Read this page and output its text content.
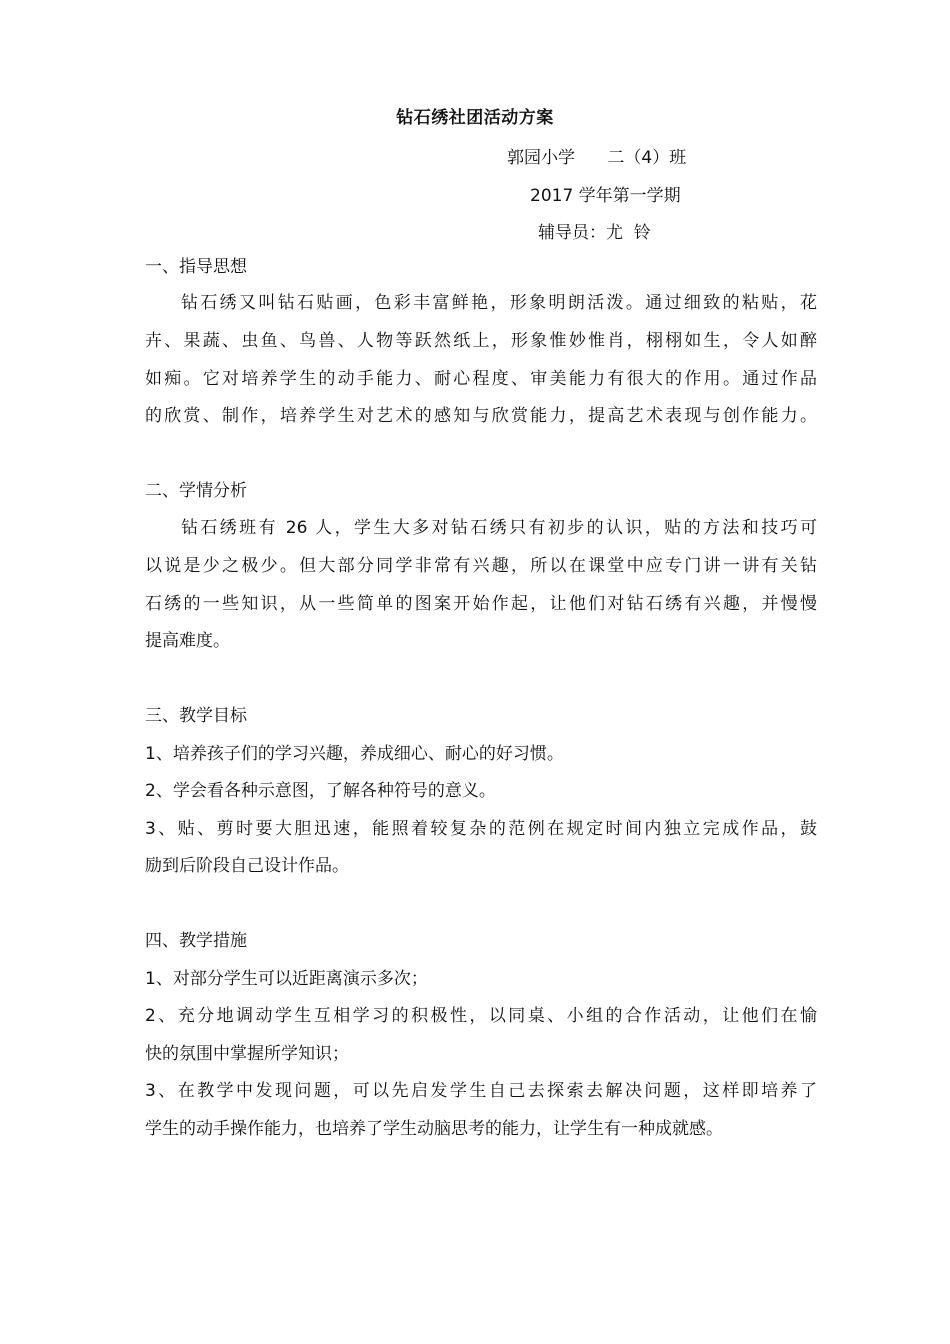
钻石绣社团活动方案
郭园小学      二（4）班
2017 学年第一学期
辅导员：尤  铃
一、指导思想
钻石绣又叫钻石贴画，色彩丰富鲜艳，形象明朗活泼。通过细致的粘贴，花
卉、果蔬、虫鱼、鸟兽、人物等跃然纸上，形象惟妙惟肖，栩栩如生，令人如醉
如痴。它对培养学生的动手能力、耐心程度、审美能力有很大的作用。通过作品
的欣赏、制作，培养学生对艺术的感知与欣赏能力，提高艺术表现与创作能力。
二、学情分析
钻石绣班有 26 人，学生大多对钻石绣只有初步的认识，贴的方法和技巧可
以说是少之极少。但大部分同学非常有兴趣，所以在课堂中应专门讲一讲有关钻
石绣的一些知识，从一些简单的图案开始作起，让他们对钻石绣有兴趣，并慢慢
提高难度。
三、教学目标
1、培养孩子们的学习兴趣，养成细心、耐心的好习惯。
2、学会看各种示意图，了解各种符号的意义。
3、贴、剪时要大胆迅速，能照着较复杂的范例在规定时间内独立完成作品，鼓
励到后阶段自己设计作品。
四、教学措施
1、对部分学生可以近距离演示多次；
2、充分地调动学生互相学习的积极性，以同桌、小组的合作活动，让他们在愉
快的氛围中掌握所学知识；
3、在教学中发现问题，可以先启发学生自己去探索去解决问题，这样即培养了
学生的动手操作能力，也培养了学生动脑思考的能力，让学生有一种成就感。
